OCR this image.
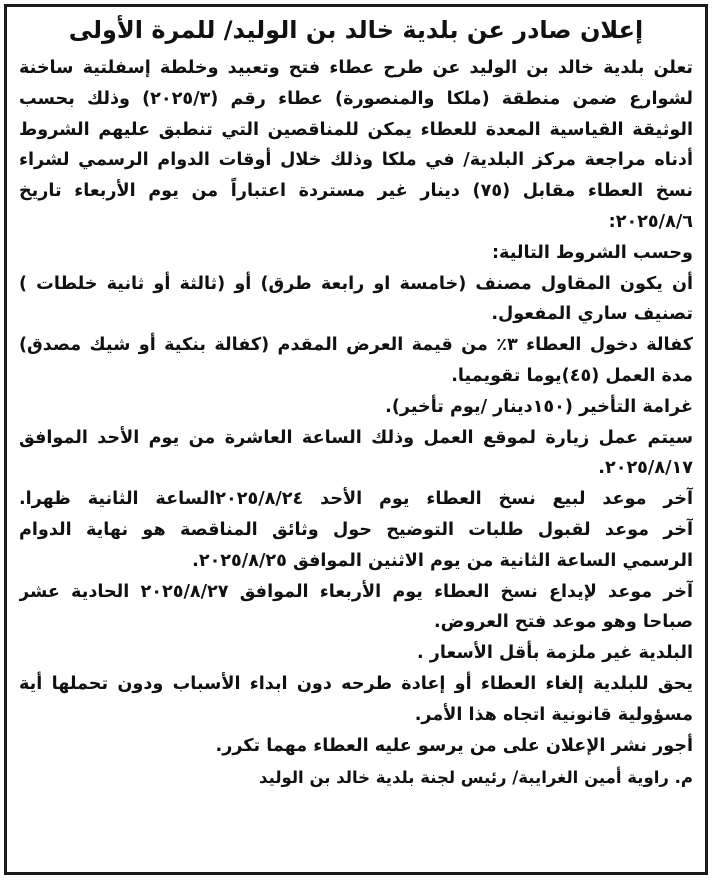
إعلان صادر عن بلدية خالد بن الوليد/ للمرة الأولى
تعلن بلدية خالد بن الوليد عن طرح عطاء فتح وتعبيد وخلطة إسفلتية ساخنة
لشوارع ضمن منطقة (ملكا والمنصورة) عطاء رقم (٢٠٢٥/٣) وذلك بحسب
الوثيقة القياسية المعدة للعطاء يمكن للمناقصين التي تنطبق عليهم الشروط
أدناه مراجعة مركز البلدية/ في ملكا وذلك خلال أوقات الدوام الرسمي لشراء
نسخ العطاء مقابل (٧٥) دينار غير مستردة اعتباراً من يوم الأربعاء تاريخ
٢٠٢٥/٨/٦:
وحسب الشروط التالية:
أن يكون المقاول مصنف (خامسة او رابعة طرق) أو (ثالثة أو ثانية خلطات )
تصنيف ساري المفعول.
كفالة دخول العطاء ٣٪ من قيمة العرض المقدم (كفالة بنكية أو شيك مصدق)
مدة العمل (٤٥)يوما تقويميا.
غرامة التأخير (١٥٠دينار /يوم تأخير).
سيتم عمل زيارة لموقع العمل وذلك الساعة العاشرة من يوم الأحد الموافق
٢٠٢٥/٨/١٧.
آخر موعد لبيع نسخ العطاء يوم الأحد ٢٠٢٥/٨/٢٤الساعة الثانية ظهرا.
آخر موعد لقبول طلبات التوضيح حول وثائق المناقصة هو نهاية الدوام
الرسمي الساعة الثانية من يوم الاثنين الموافق ٢٠٢٥/٨/٢٥.
آخر موعد لإيداع نسخ العطاء يوم الأربعاء الموافق ٢٠٢٥/٨/٢٧ الحادية عشر
صباحا وهو موعد فتح العروض.
البلدية غير ملزمة بأقل الأسعار .
يحق للبلدية إلغاء العطاء أو إعادة طرحه دون ابداء الأسباب ودون تحملها أية
مسؤولية قانونية اتجاه هذا الأمر.
أجور نشر الإعلان على من يرسو عليه العطاء مهما تكرر.
م. راوية أمين الغرايبة/ رئيس لجنة بلدية خالد بن الوليد
